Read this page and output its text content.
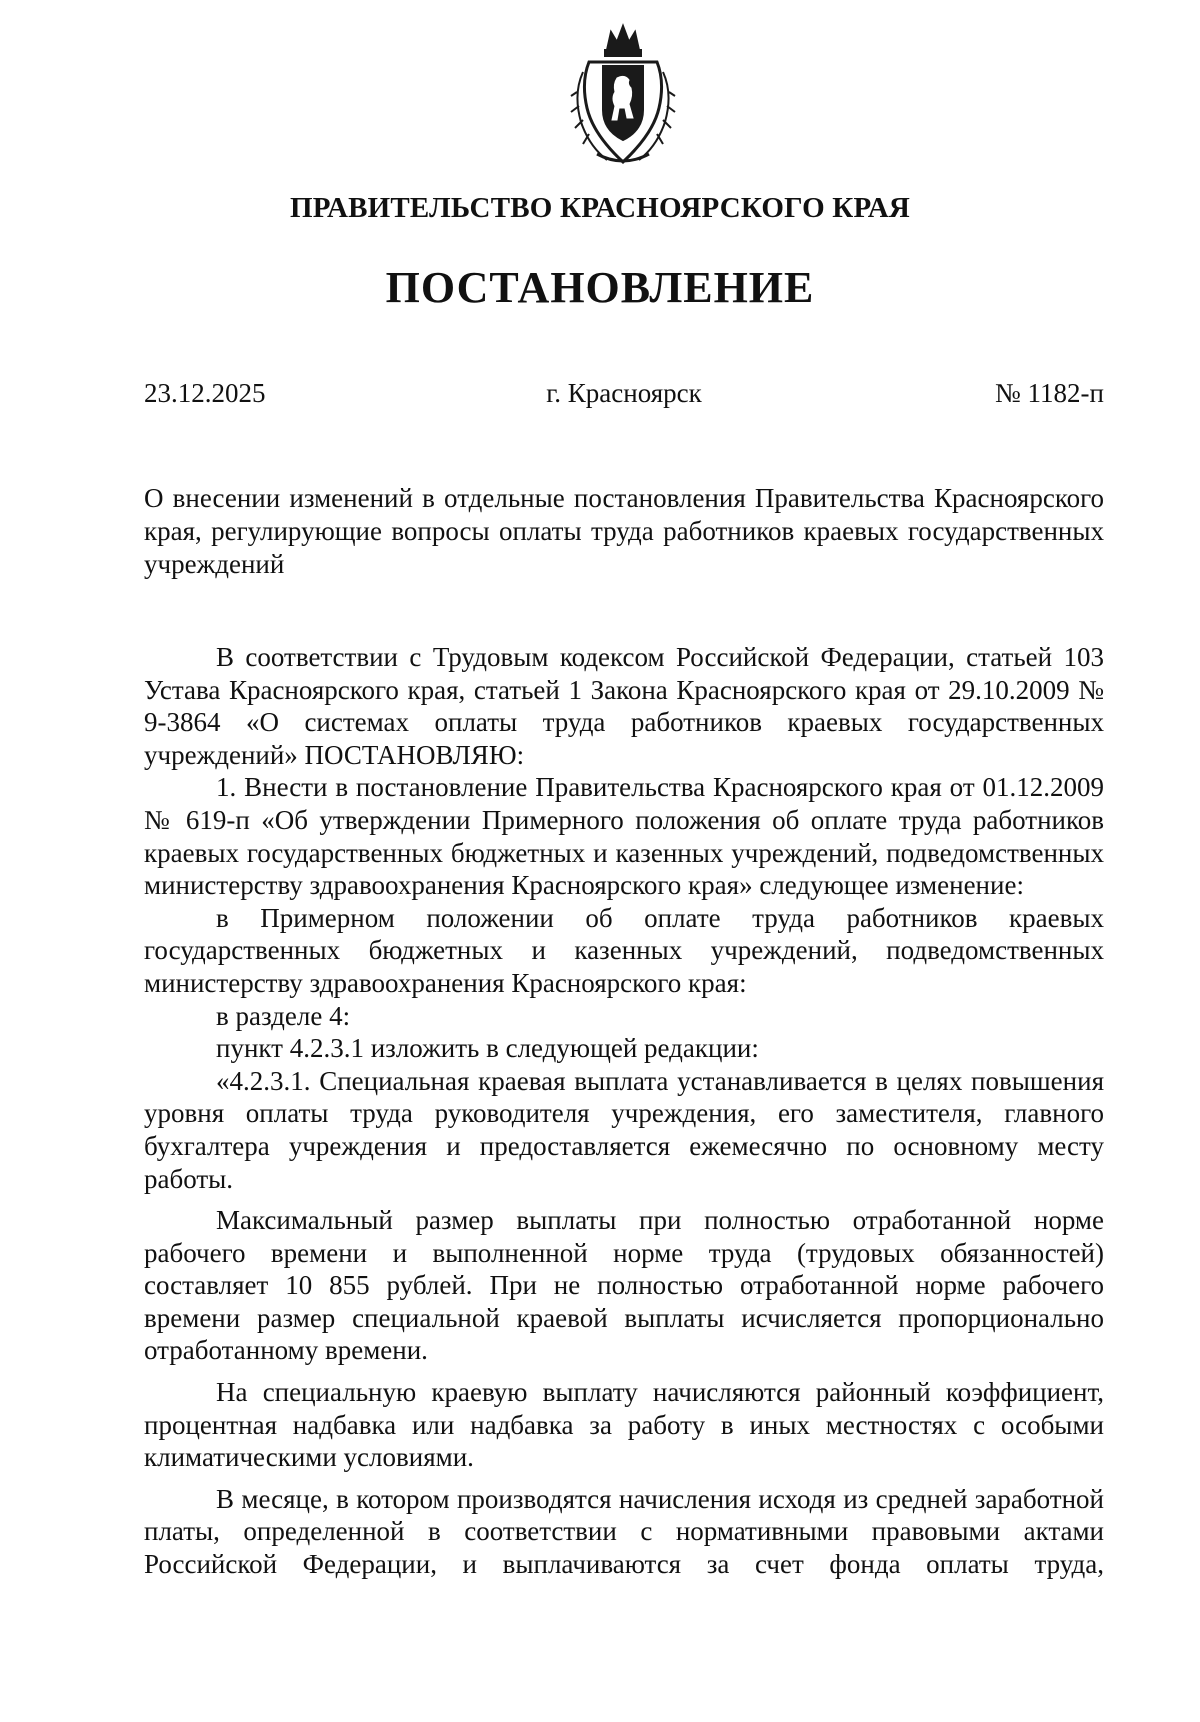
ПРАВИТЕЛЬСТВО КРАСНОЯРСКОГО КРАЯ
ПОСТАНОВЛЕНИЕ
23.12.2025	г. Красноярск	№ 1182-п
О внесении изменений в отдельные постановления Правительства Красноярского края, регулирующие вопросы оплаты труда работников краевых государственных учреждений

В соответствии с Трудовым кодексом Российской Федерации, статьей 103 Устава Красноярского края, статьей 1 Закона Красноярского края от 29.10.2009 № 9-3864 «О системах оплаты труда работников краевых государственных учреждений» ПОСТАНОВЛЯЮ:

1. Внести в постановление Правительства Красноярского края от 01.12.2009 № 619-п «Об утверждении Примерного положения об оплате труда работников краевых государственных бюджетных и казенных учреждений, подведомственных министерству здравоохранения Красноярского края» следующее изменение:

в Примерном положении об оплате труда работников краевых государственных бюджетных и казенных учреждений, подведомственных министерству здравоохранения Красноярского края:

в разделе 4:

пункт 4.2.3.1 изложить в следующей редакции:

«4.2.3.1. Специальная краевая выплата устанавливается в целях повышения уровня оплаты труда руководителя учреждения, его заместителя, главного бухгалтера учреждения и предоставляется ежемесячно по основному месту работы.

Максимальный размер выплаты при полностью отработанной норме рабочего времени и выполненной норме труда (трудовых обязанностей) составляет 10 855 рублей. При не полностью отработанной норме рабочего времени размер специальной краевой выплаты исчисляется пропорционально отработанному времени.

На специальную краевую выплату начисляются районный коэффициент, процентная надбавка или надбавка за работу в иных местностях с особыми климатическими условиями.

В месяце, в котором производятся начисления исходя из средней заработной платы, определенной в соответствии с нормативными правовыми актами Российской Федерации, и выплачиваются за счет фонда оплаты труда,
